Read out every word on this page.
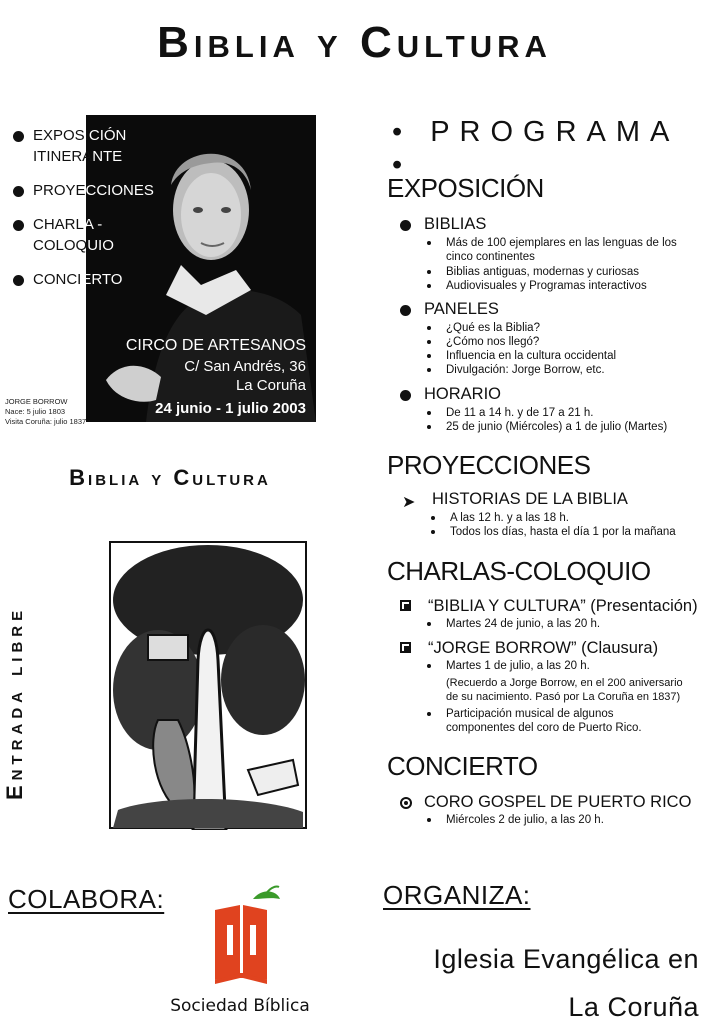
Biblia y Cultura
CIRCO DE ARTESANOS
C/ San Andrés, 36
La Coruña
24 junio - 1 julio 2003
EXPOSICIÓN
ITINERANTE
PROYECCIONES
CHARLA -
COLOQUIO
CONCIERTO
JORGE BORROW
Nace: 5 julio 1803
Visita Coruña: julio 1837
Biblia y Cultura
Entrada libre
• PROGRAMA •
EXPOSICIÓN
BIBLIAS
Más de 100 ejemplares en las lenguas de los cinco continentes
Biblias antiguas, modernas y curiosas
Audiovisuales y Programas interactivos
PANELES
¿Qué es la Biblia?
¿Cómo nos llegó?
Influencia en la cultura occidental
Divulgación: Jorge Borrow, etc.
HORARIO
De 11 a 14 h. y de 17 a 21 h.
25 de junio (Miércoles) a 1 de julio (Martes)
PROYECCIONES
➤ HISTORIAS DE LA BIBLIA
A las 12 h. y a las 18 h.
Todos los días, hasta el día 1 por la mañana
CHARLAS-COLOQUIO
“BIBLIA Y CULTURA” (Presentación)
Martes 24 de junio, a las 20 h.
“JORGE BORROW” (Clausura)
Martes 1 de julio, a las 20 h.
(Recuerdo a Jorge Borrow, en el 200 aniversario
de su nacimiento. Pasó por La Coruña en 1837)
Participación musical de algunos componentes del coro de Puerto Rico.
CONCIERTO
CORO GOSPEL DE PUERTO RICO
Miércoles 2 de julio, a las 20 h.
COLABORA:	ORGANIZA:
Sociedad Bíblica
Iglesia Evangélica en
La Coruña
